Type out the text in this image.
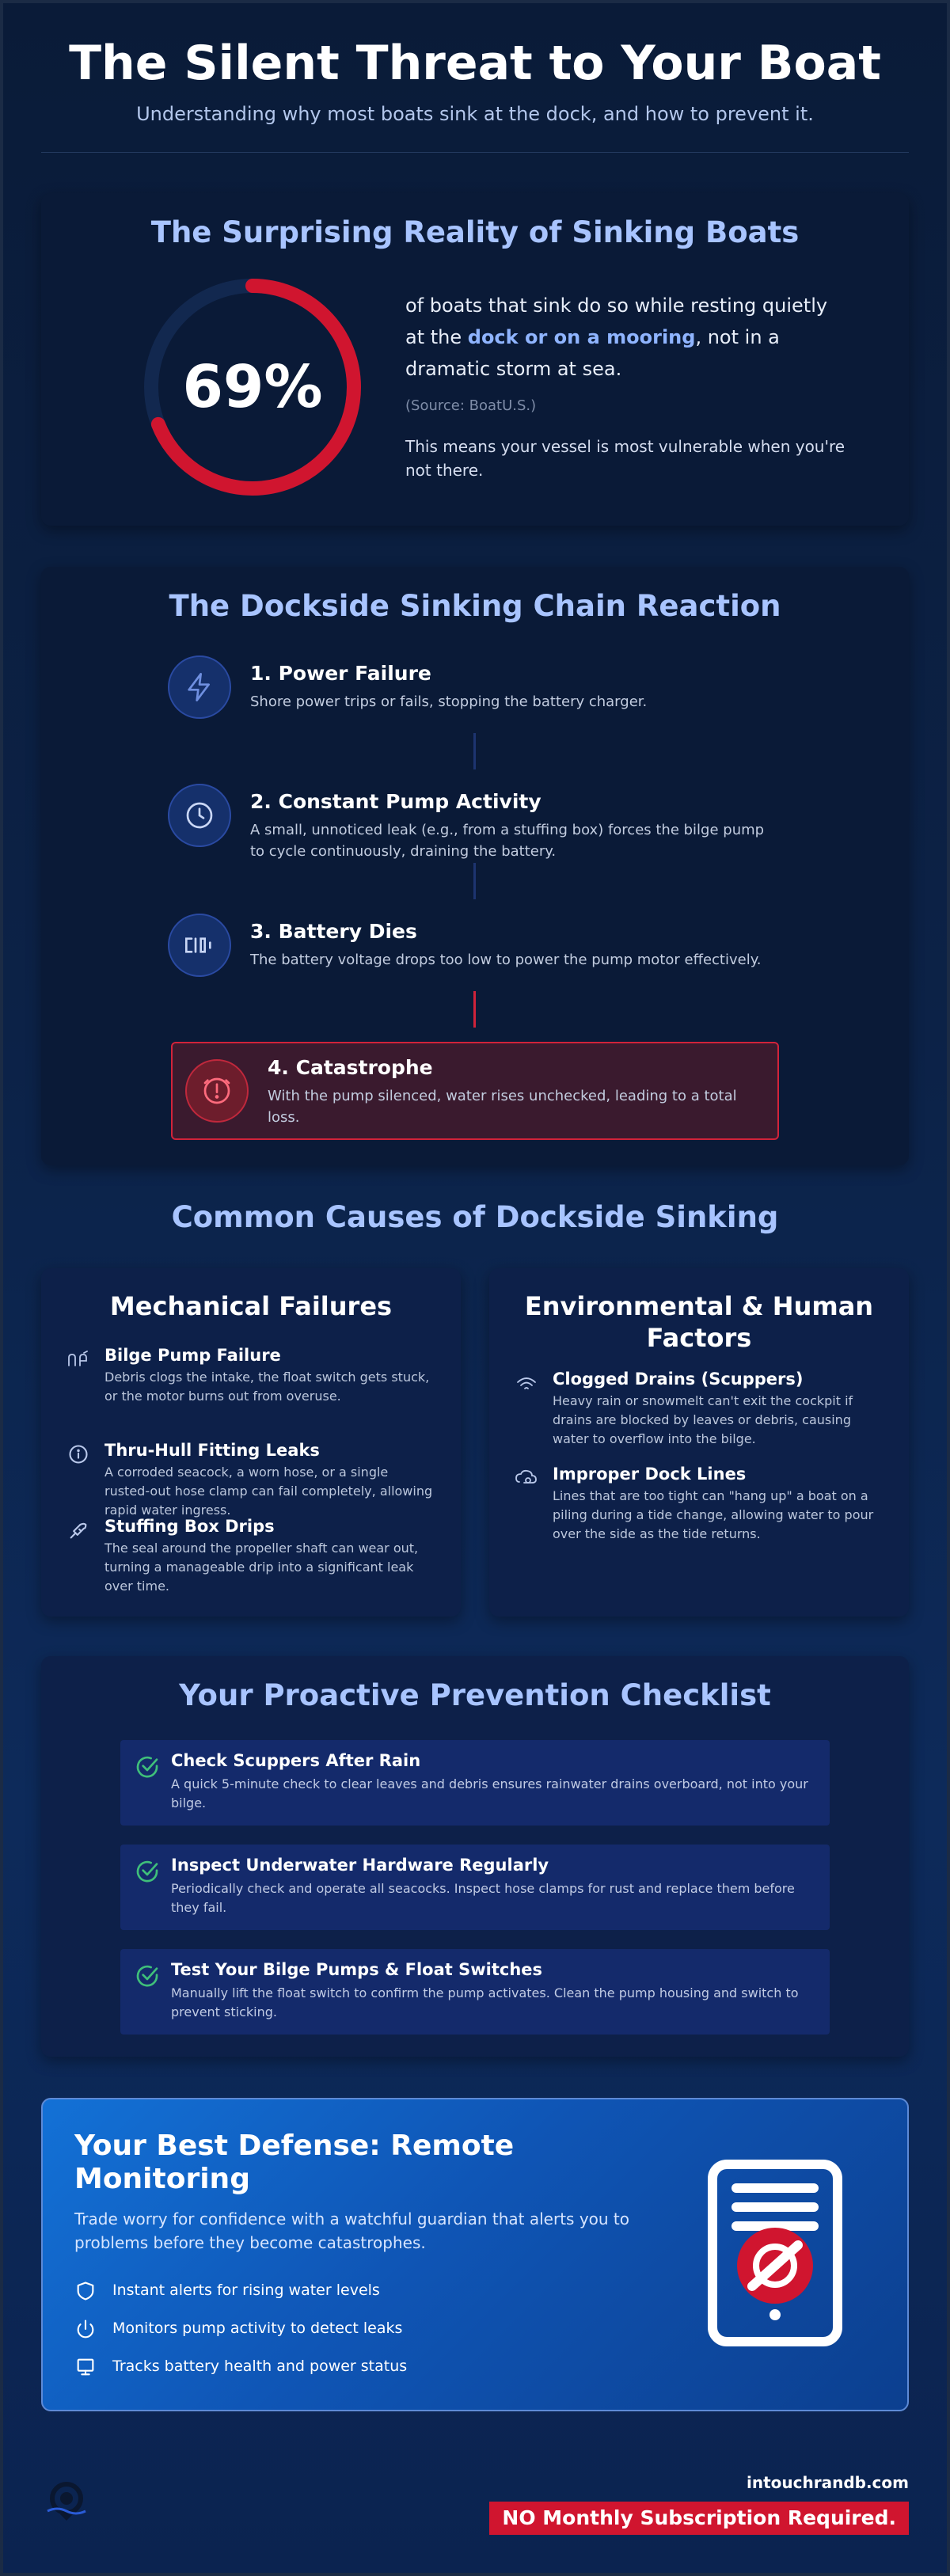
The Silent Threat to Your Boat

Understanding why most boats sink at the dock, and how to prevent it.

The Surprising Reality of Sinking Boats
69%
of boats that sink do so while resting quietly at the dock or on a mooring, not in a dramatic storm at sea.
(Source: BoatU.S.)
This means your vessel is most vulnerable when you're not there.
The Dockside Sinking Chain Reaction
1. Power Failure
Shore power trips or fails, stopping the battery charger.
2. Constant Pump Activity
A small, unnoticed leak (e.g., from a stuffing box) forces the bilge pump to cycle continuously, draining the battery.
3. Battery Dies
The battery voltage drops too low to power the pump motor effectively.
4. Catastrophe
With the pump silenced, water rises unchecked, leading to a total loss.
Common Causes of Dockside Sinking
Mechanical Failures
Bilge Pump Failure
Debris clogs the intake, the float switch gets stuck, or the motor burns out from overuse.
Thru-Hull Fitting Leaks
A corroded seacock, a worn hose, or a single rusted-out hose clamp can fail completely, allowing rapid water ingress.
Stuffing Box Drips
The seal around the propeller shaft can wear out, turning a manageable drip into a significant leak over time.
Environmental & Human Factors
Clogged Drains (Scuppers)
Heavy rain or snowmelt can't exit the cockpit if drains are blocked by leaves or debris, causing water to overflow into the bilge.
Improper Dock Lines
Lines that are too tight can "hang up" a boat on a piling during a tide change, allowing water to pour over the side as the tide returns.
Your Proactive Prevention Checklist
Check Scuppers After Rain
A quick 5-minute check to clear leaves and debris ensures rainwater drains overboard, not into your bilge.
Inspect Underwater Hardware Regularly
Periodically check and operate all seacocks. Inspect hose clamps for rust and replace them before they fail.
Test Your Bilge Pumps & Float Switches
Manually lift the float switch to confirm the pump activates. Clean the pump housing and switch to prevent sticking.
Your Best Defense: Remote Monitoring
Trade worry for confidence with a watchful guardian that alerts you to problems before they become catastrophes.
Instant alerts for rising water levels
Monitors pump activity to detect leaks
Tracks battery health and power status
intouchrandb.com
NO Monthly Subscription Required.
